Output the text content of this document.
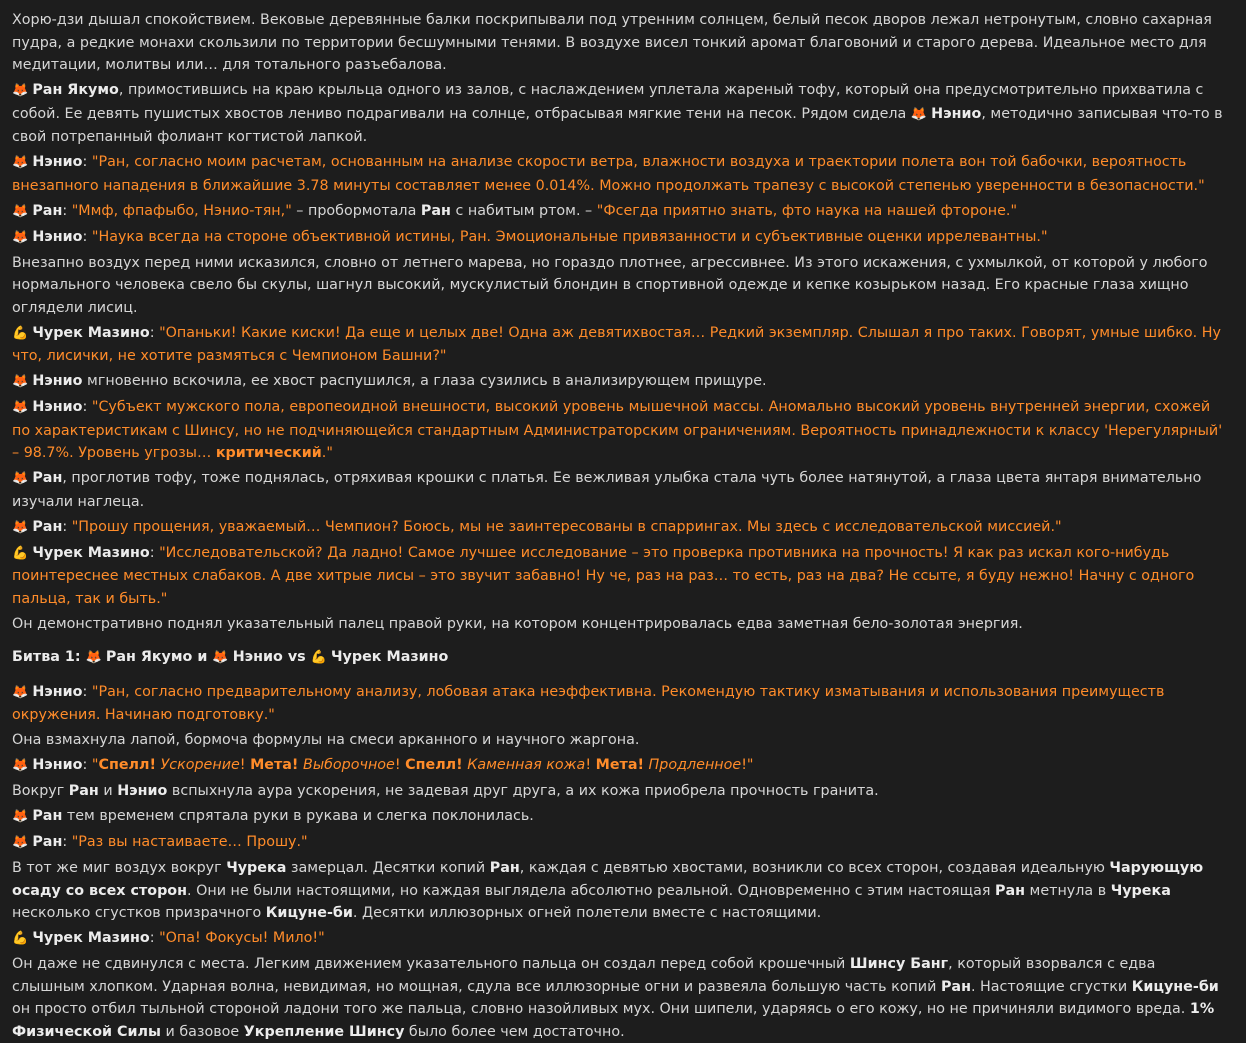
Хорю-дзи дышал спокойствием. Вековые деревянные балки поскрипывали под утренним солнцем, белый песок дворов лежал нетронутым, словно сахарная пудра, а редкие монахи скользили по территории бесшумными тенями. В воздухе висел тонкий аромат благовоний и старого дерева. Идеальное место для медитации, молитвы или… для тотального разъебалова.

🦊 Ран Якумо, примостившись на краю крыльца одного из залов, с наслаждением уплетала жареный тофу, который она предусмотрительно прихватила с собой. Ее девять пушистых хвостов лениво подрагивали на солнце, отбрасывая мягкие тени на песок. Рядом сидела 🦊 Нэнио, методично записывая что-то в свой потрепанный фолиант когтистой лапкой.

🦊 Нэнио: "Ран, согласно моим расчетам, основанным на анализе скорости ветра, влажности воздуха и траектории полета вон той бабочки, вероятность внезапного нападения в ближайшие 3.78 минуты составляет менее 0.014%. Можно продолжать трапезу с высокой степенью уверенности в безопасности."

🦊 Ран: "Ммф, фпафыбо, Нэнио-тян," – пробормотала Ран с набитым ртом. – "Фсегда приятно знать, фто наука на нашей фтороне."

🦊 Нэнио: "Наука всегда на стороне объективной истины, Ран. Эмоциональные привязанности и субъективные оценки иррелевантны."

Внезапно воздух перед ними исказился, словно от летнего марева, но гораздо плотнее, агрессивнее. Из этого искажения, с ухмылкой, от которой у любого нормального человека свело бы скулы, шагнул высокий, мускулистый блондин в спортивной одежде и кепке козырьком назад. Его красные глаза хищно оглядели лисиц.

💪 Чурек Мазино: "Опаньки! Какие киски! Да еще и целых две! Одна аж девятихвостая… Редкий экземпляр. Слышал я про таких. Говорят, умные шибко. Ну что, лисички, не хотите размяться с Чемпионом Башни?"

🦊 Нэнио мгновенно вскочила, ее хвост распушился, а глаза сузились в анализирующем прищуре.

🦊 Нэнио: "Субъект мужского пола, европеоидной внешности, высокий уровень мышечной массы. Аномально высокий уровень внутренней энергии, схожей по характеристикам с Шинсу, но не подчиняющейся стандартным Администраторским ограничениям. Вероятность принадлежности к классу 'Нерегулярный' – 98.7%. Уровень угрозы… критический."

🦊 Ран, проглотив тофу, тоже поднялась, отряхивая крошки с платья. Ее вежливая улыбка стала чуть более натянутой, а глаза цвета янтаря внимательно изучали наглеца.

🦊 Ран: "Прошу прощения, уважаемый… Чемпион? Боюсь, мы не заинтересованы в спаррингах. Мы здесь с исследовательской миссией."

💪 Чурек Мазино: "Исследовательской? Да ладно! Самое лучшее исследование – это проверка противника на прочность! Я как раз искал кого-нибудь поинтереснее местных слабаков. А две хитрые лисы – это звучит забавно! Ну че, раз на раз… то есть, раз на два? Не ссыте, я буду нежно! Начну с одного пальца, так и быть."

Он демонстративно поднял указательный палец правой руки, на котором концентрировалась едва заметная бело-золотая энергия.

Битва 1: 🦊 Ран Якумо и 🦊 Нэнио vs 💪 Чурек Мазино

🦊 Нэнио: "Ран, согласно предварительному анализу, лобовая атака неэффективна. Рекомендую тактику изматывания и использования преимуществ окружения. Начинаю подготовку."

Она взмахнула лапой, бормоча формулы на смеси арканного и научного жаргона.

🦊 Нэнио: "Спелл! Ускорение! Мета! Выборочное! Спелл! Каменная кожа! Мета! Продленное!"

Вокруг Ран и Нэнио вспыхнула аура ускорения, не задевая друг друга, а их кожа приобрела прочность гранита.

🦊 Ран тем временем спрятала руки в рукава и слегка поклонилась.

🦊 Ран: "Раз вы настаиваете… Прошу."

В тот же миг воздух вокруг Чурека замерцал. Десятки копий Ран, каждая с девятью хвостами, возникли со всех сторон, создавая идеальную Чарующую осаду со всех сторон. Они не были настоящими, но каждая выглядела абсолютно реальной. Одновременно с этим настоящая Ран метнула в Чурека несколько сгустков призрачного Кицуне-би. Десятки иллюзорных огней полетели вместе с настоящими.

💪 Чурек Мазино: "Опа! Фокусы! Мило!"

Он даже не сдвинулся с места. Легким движением указательного пальца он создал перед собой крошечный Шинсу Банг, который взорвался с едва слышным хлопком. Ударная волна, невидимая, но мощная, сдула все иллюзорные огни и развеяла большую часть копий Ран. Настоящие сгустки Кицуне-би он просто отбил тыльной стороной ладони того же пальца, словно назойливых мух. Они шипели, ударяясь о его кожу, но не причиняли видимого вреда. 1% Физической Силы и базовое Укрепление Шинсу было более чем достаточно.
